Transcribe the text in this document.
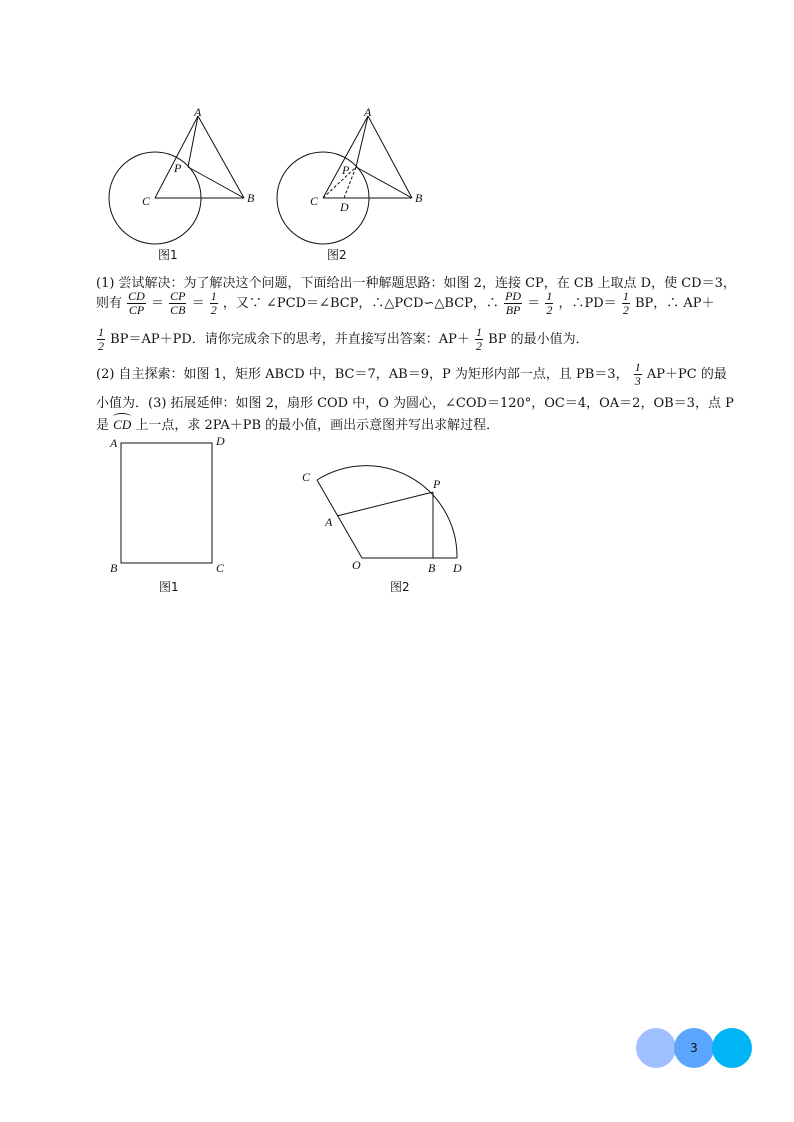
A
P
C	B
图1
A
P
C D
B
图2
A	D
B	C
图1
C	P
A
O	B D
图2
(1) 尝试解决：为了解决这个问题，下面给出一种解题思路：如图 2，连接 CP，在 CB 上取点 D，使 CD＝3，
则有 $\frac{CD}{CP} = \frac{CP}{CB} = \frac{1}{2}$ ，又∵ ∠PCD＝∠BCP，∴△PCD∽△BCP，∴ $\frac{PD}{BP} = \frac{1}{2}$ ，∴PD＝ $\frac{1}{2}$ BP，∴ AP＋
$\frac{1}{2} BP=AP+PD$．请你完成余下的思考，并直接写出答案：$AP+ \frac{1}{2}$ BP 的最小值为．
(2) 自主探索：如图 1，矩形 ABCD 中，BC＝7，AB＝9，P 为矩形内部一点，且 PB＝3， $\frac{1}{3} AP+PC$ 的最
小值为．(3) 拓展延伸：如图 2，扇形 COD 中，O 为圆心，∠COD＝120°，OC＝4，OA＝2，OB＝3，点 P
是 CD 上一点，求 2PA＋PB 的最小值，画出示意图并写出求解过程．
3
